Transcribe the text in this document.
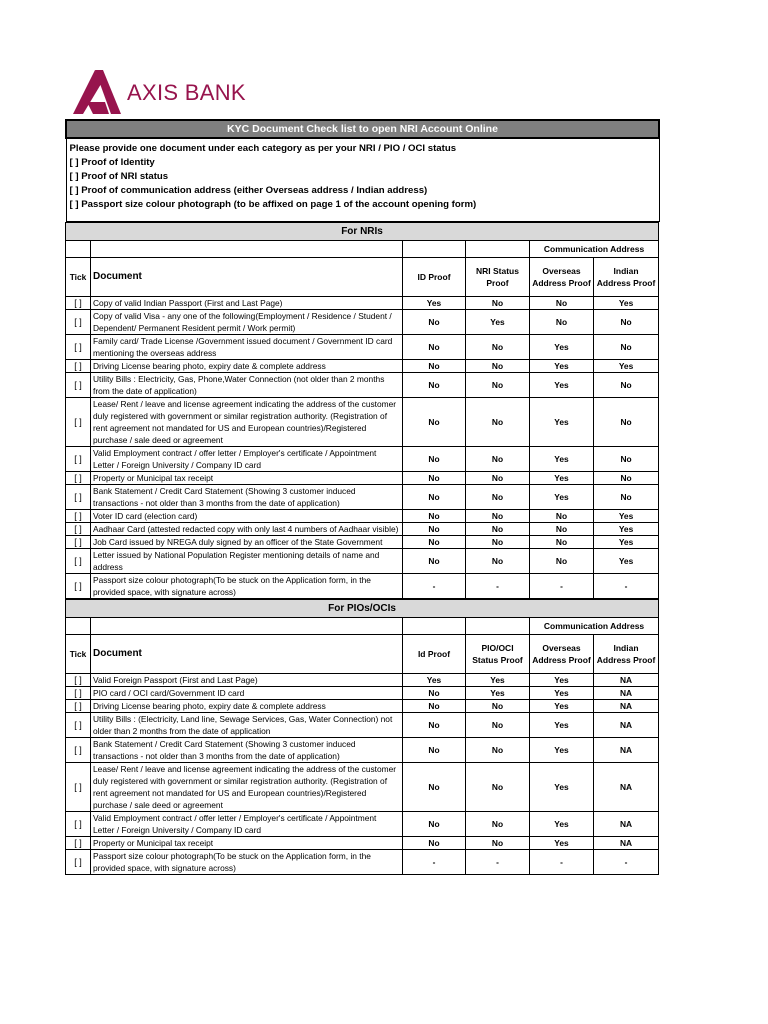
AXIS BANK
KYC Document Check list to open NRI Account Online

Please provide one document under each category as per your NRI / PIO / OCI status
[ ] Proof of Identity
[ ] Proof of NRI status
[ ] Proof of communication address (either Overseas address / Indian address)
[ ] Passport size colour photograph (to be affixed on page 1 of the account opening form)
For NRIs					
				Communication Address	
Tick	Document	ID Proof	NRI Status Proof	Overseas Address Proof	Indian Address Proof
[ ]	Copy of valid Indian Passport (First and Last Page)	Yes	No	No	Yes
[ ]	Copy of valid Visa - any one of the following(Employment / Residence / Student / Dependent/ Permanent Resident permit / Work permit)	No	Yes	No	No
[ ]	Family card/ Trade License /Government issued document / Government ID card mentioning the overseas address	No	No	Yes	No
[ ]	Driving License bearing photo, expiry date & complete address	No	No	Yes	Yes
[ ]	Utility Bills : Electricity, Gas, Phone,Water Connection (not older than 2 months from the date of application)	No	No	Yes	No
[ ]	Lease/ Rent / leave and license agreement indicating the address of the customer duly registered with government or similar registration authority. (Registration of rent agreement not mandated for US and European countries)/Registered purchase / sale deed or agreement	No	No	Yes	No
[ ]	Valid Employment contract / offer letter / Employer's certificate / Appointment Letter / Foreign University / Company ID card	No	No	Yes	No
[ ]	Property or Municipal tax receipt	No	No	Yes	No
[ ]	Bank Statement / Credit Card Statement (Showing 3 customer induced transactions - not older than 3 months from the date of application)	No	No	Yes	No
[ ]	Voter ID card (election card)	No	No	No	Yes
[ ]	Aadhaar Card (attested redacted copy with only last 4 numbers of Aadhaar visible)	No	No	No	Yes
[ ]	Job Card issued by NREGA duly signed by an officer of the State Government	No	No	No	Yes
[ ]	Letter issued by National Population Register mentioning details of name and address	No	No	No	Yes
[ ]	Passport size colour photograph(To be stuck on the Application form, in the provided space, with signature across)	-	-	-	-
For PIOs/OCIs					
				Communication Address	
Tick	Document	Id Proof	PIO/OCI Status Proof	Overseas Address Proof	Indian Address Proof
[ ]	Valid Foreign Passport (First and Last Page)	Yes	Yes	Yes	NA
[ ]	PIO card / OCI card/Government ID card	No	Yes	Yes	NA
[ ]	Driving License bearing photo, expiry date & complete address	No	No	Yes	NA
[ ]	Utility Bills : (Electricity, Land line, Sewage Services, Gas, Water Connection) not older than 2 months from the date of application	No	No	Yes	NA
[ ]	Bank Statement / Credit Card Statement (Showing 3 customer induced transactions - not older than 3 months from the date of application)	No	No	Yes	NA
[ ]	Lease/ Rent / leave and license agreement indicating the address of the customer duly registered with government or similar registration authority. (Registration of rent agreement not mandated for US and European countries)/Registered purchase / sale deed or agreement	No	No	Yes	NA
[ ]	Valid Employment contract / offer letter / Employer's certificate / Appointment Letter / Foreign University / Company ID card	No	No	Yes	NA
[ ]	Property or Municipal tax receipt	No	No	Yes	NA
[ ]	Passport size colour photograph(To be stuck on the Application form, in the provided space, with signature across)	-	-	-	-
